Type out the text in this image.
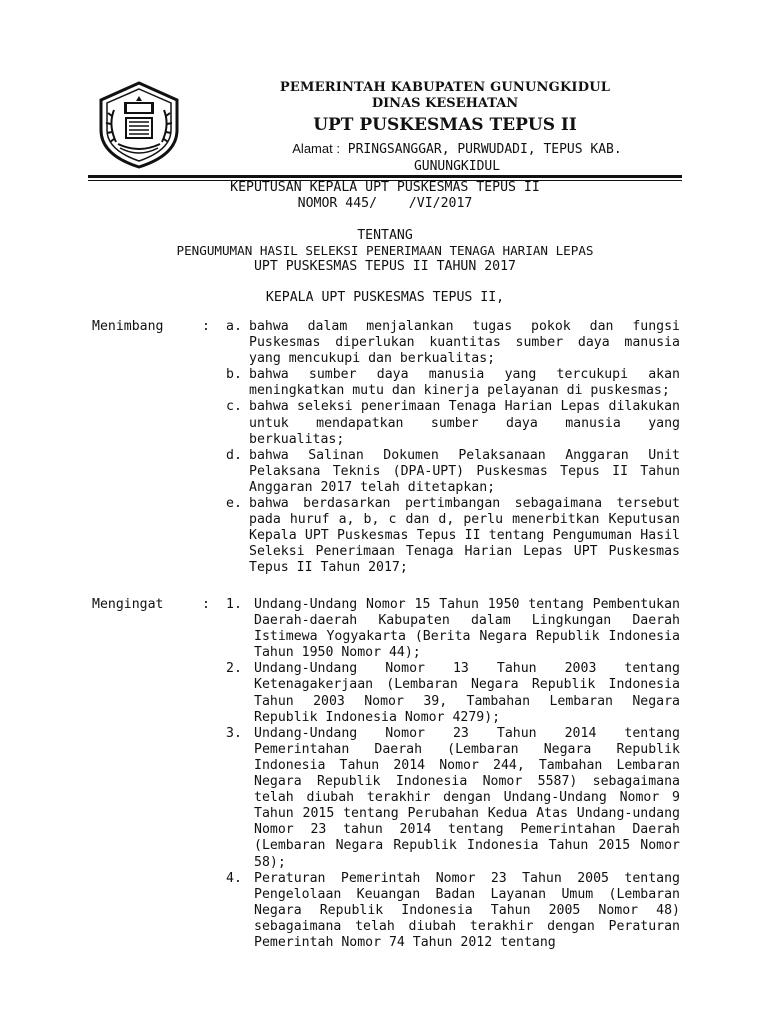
PEMERINTAH KABUPATEN GUNUNGKIDUL
DINAS KESEHATAN
UPT PUSKESMAS TEPUS II
Alamat : PRINGSANGGAR, PURWUDADI, TEPUS KAB.
GUNUNGKIDUL
KEPUTUSAN KEPALA UPT PUSKESMAS TEPUS II
NOMOR 445/    /VI/2017
TENTANG
PENGUMUMAN HASIL SELEKSI PENERIMAAN TENAGA HARIAN LEPAS
UPT PUSKESMAS TEPUS II TAHUN 2017
KEPALA UPT PUSKESMAS TEPUS II,
Menimbang	: a. bahwa dalam menjalankan tugas pokok dan fungsi Puskesmas diperlukan kuantitas sumber daya manusia yang mencukupi dan berkualitas;
b. bahwa sumber daya manusia yang tercukupi akan meningkatkan mutu dan kinerja pelayanan di puskesmas;
c. bahwa seleksi penerimaan Tenaga Harian Lepas dilakukan untuk mendapatkan sumber daya manusia yang berkualitas;
d. bahwa Salinan Dokumen Pelaksanaan Anggaran Unit Pelaksana Teknis (DPA-UPT) Puskesmas Tepus II Tahun Anggaran 2017 telah ditetapkan;
e. bahwa berdasarkan pertimbangan sebagaimana tersebut pada huruf a, b, c dan d, perlu menerbitkan Keputusan Kepala UPT Puskesmas Tepus II tentang Pengumuman Hasil Seleksi Penerimaan Tenaga Harian Lepas UPT Puskesmas Tepus II Tahun 2017;
Mengingat	: 1. Undang-Undang Nomor 15 Tahun 1950 tentang Pembentukan Daerah-daerah Kabupaten dalam Lingkungan Daerah Istimewa Yogyakarta (Berita Negara Republik Indonesia Tahun 1950 Nomor 44);
2. Undang-Undang Nomor 13 Tahun 2003 tentang Ketenagakerjaan (Lembaran Negara Republik Indonesia Tahun 2003 Nomor 39, Tambahan Lembaran Negara Republik Indonesia Nomor 4279);
3. Undang-Undang Nomor 23 Tahun 2014 tentang Pemerintahan Daerah (Lembaran Negara Republik Indonesia Tahun 2014 Nomor 244, Tambahan Lembaran Negara Republik Indonesia Nomor 5587) sebagaimana telah diubah terakhir dengan Undang-Undang Nomor 9 Tahun 2015 tentang Perubahan Kedua Atas Undang-undang Nomor 23 tahun 2014 tentang Pemerintahan Daerah (Lembaran Negara Republik Indonesia Tahun 2015 Nomor 58);
4. Peraturan Pemerintah Nomor 23 Tahun 2005 tentang Pengelolaan Keuangan Badan Layanan Umum (Lembaran Negara Republik Indonesia Tahun 2005 Nomor 48) sebagaimana telah diubah terakhir dengan Peraturan Pemerintah Nomor 74 Tahun 2012 tentang
